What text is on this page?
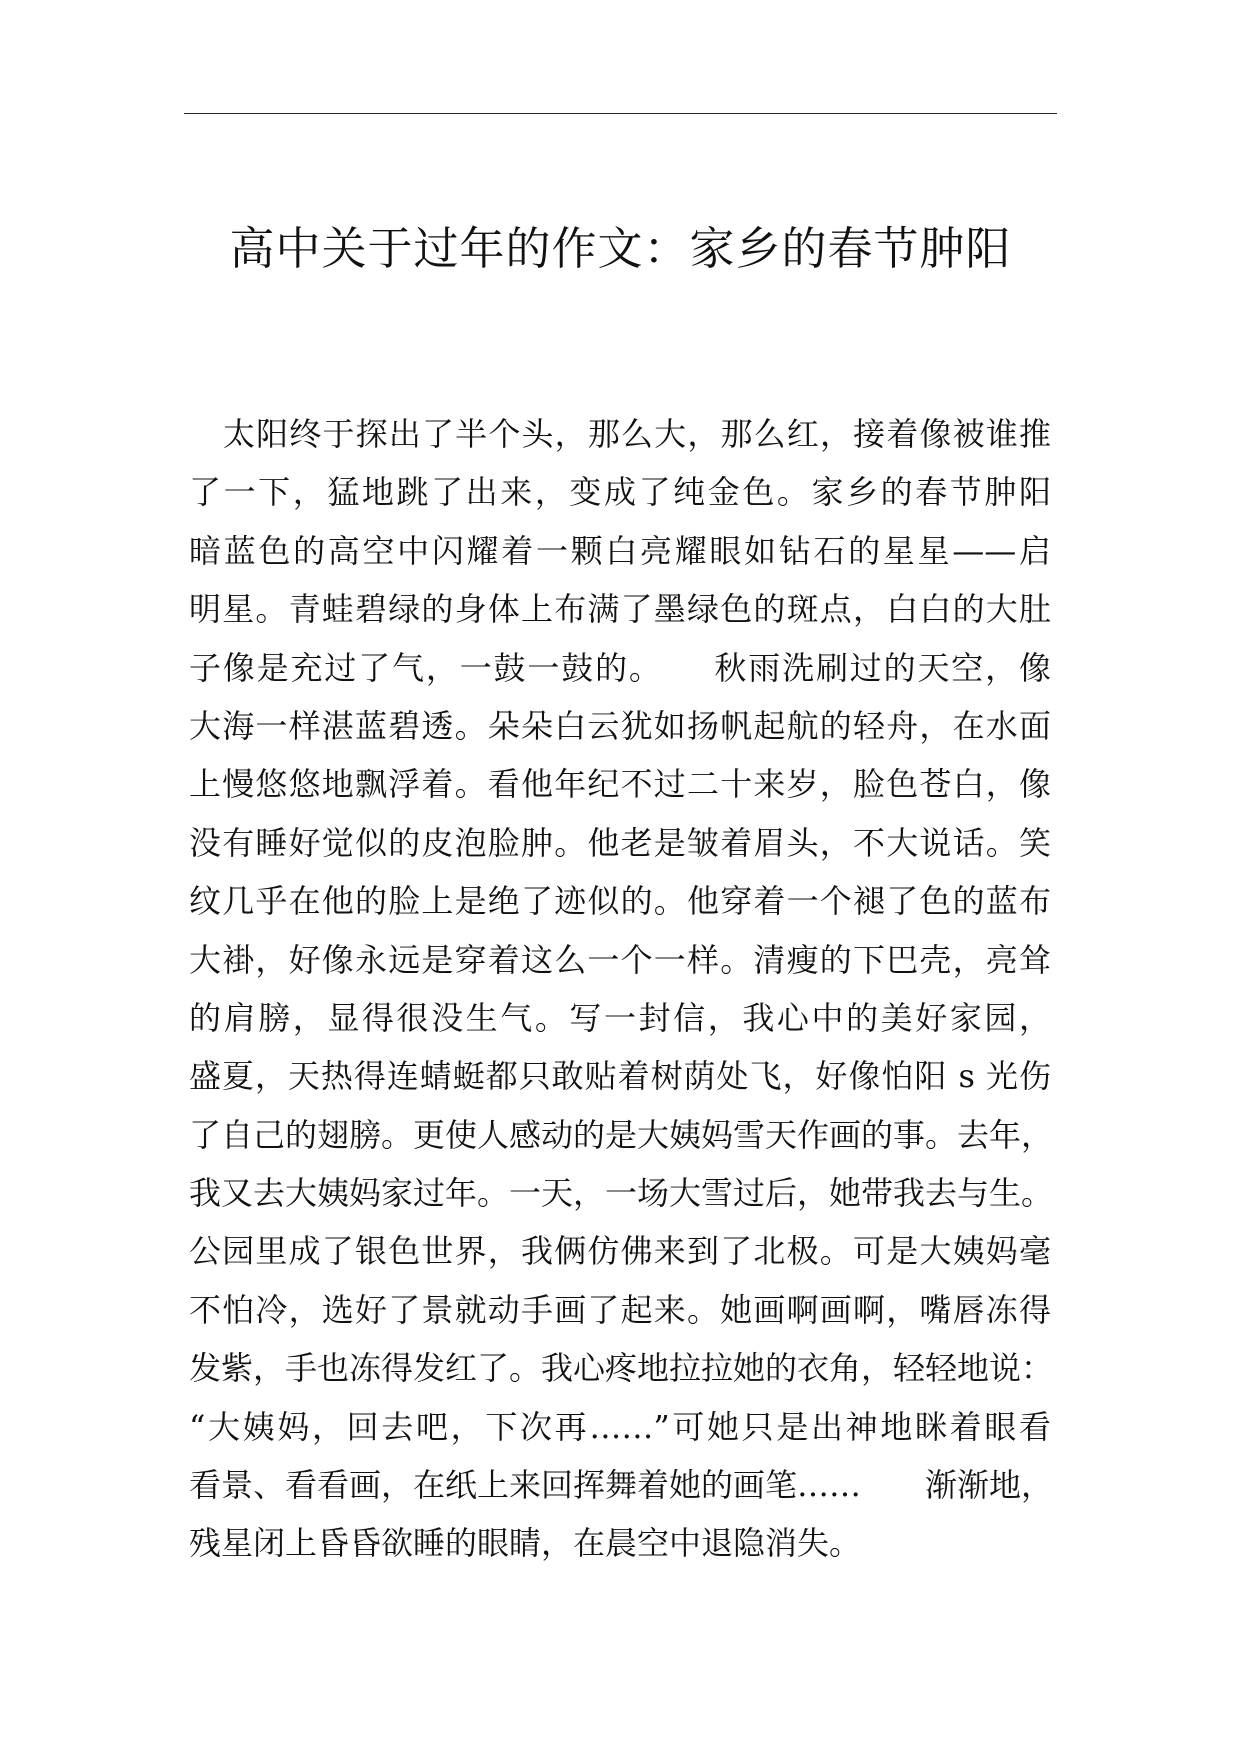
高中关于过年的作文：家乡的春节肿阳
太阳终于探出了半个头，那么大，那么红，接着像被谁推
了一下，猛地跳了出来，变成了纯金色。家乡的春节肿阳
暗蓝色的高空中闪耀着一颗白亮耀眼如钻石的星星——启
明星。青蛙碧绿的身体上布满了墨绿色的斑点，白白的大肚
子像是充过了气，一鼓一鼓的。　　秋雨洗刷过的天空，像
大海一样湛蓝碧透。朵朵白云犹如扬帆起航的轻舟，在水面
上慢悠悠地飘浮着。看他年纪不过二十来岁，脸色苍白，像
没有睡好觉似的皮泡脸肿。他老是皱着眉头，不大说话。笑
纹几乎在他的脸上是绝了迹似的。他穿着一个褪了色的蓝布
大褂，好像永远是穿着这么一个一样。清瘦的下巴壳，亮耸
的肩膀，显得很没生气。写一封信，我心中的美好家园，
盛夏，天热得连蜻蜓都只敢贴着树荫处飞，好像怕阳 s 光伤
了自己的翅膀。更使人感动的是大姨妈雪天作画的事。去年，
我又去大姨妈家过年。一天，一场大雪过后，她带我去与生。
公园里成了银色世界，我俩仿佛来到了北极。可是大姨妈毫
不怕冷，选好了景就动手画了起来。她画啊画啊，嘴唇冻得
发紫，手也冻得发红了。我心疼地拉拉她的衣角，轻轻地说：
“大姨妈，回去吧，下次再……”可她只是出神地眯着眼看
看景、看看画，在纸上来回挥舞着她的画笔……　　渐渐地，
残星闭上昏昏欲睡的眼睛，在晨空中退隐消失。
